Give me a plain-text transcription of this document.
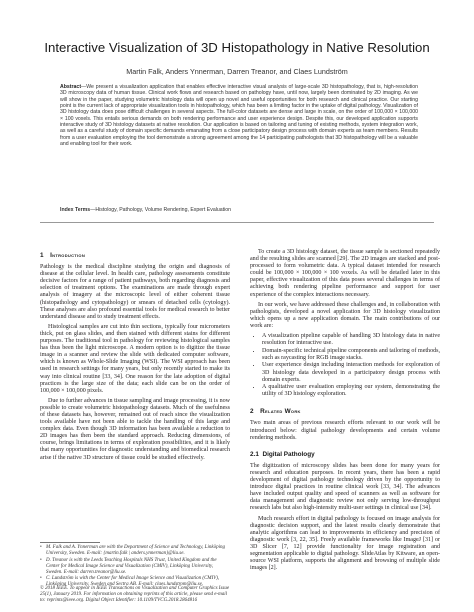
Interactive Visualization of 3D Histopathology in Native Resolution
Martin Falk, Anders Ynnerman, Darren Treanor, and Claes Lundström
Abstract—We present a visualization application that enables effective interactive visual analysis of large-scale 3D histopathology, that is, high-resolution 3D microscopy data of human tissue. Clinical work flows and research based on pathology have, until now, largely been dominated by 2D imaging. As we will show in the paper, studying volumetric histology data will open up novel and useful opportunities for both research and clinical practice. Our starting point is the current lack of appropriate visualization tools in histopathology, which has been a limiting factor in the uptake of digital pathology. Visualization of 3D histology data does pose difficult challenges in several aspects. The full-color datasets are dense and large in scale, on the order of 100,000 × 100,000 × 100 voxels. This entails serious demands on both rendering performance and user experience design. Despite this, our developed application supports interactive study of 3D histology datasets at native resolution. Our application is based on tailoring and tuning of existing methods, system integration work, as well as a careful study of domain specific demands emanating from a close participatory design process with domain experts as team members. Results from a user evaluation employing the tool demonstrate a strong agreement among the 14 participating pathologists that 3D histopathology will be a valuable and enabling tool for their work.
Index Terms—Histology, Pathology, Volume Rendering, Expert Evaluation
1 Introduction

Pathology is the medical discipline studying the origin and diagnosis of disease at the cellular level. In health care, pathology assessments constitute decisive factors for a range of patient pathways, both regarding diagnosis and selection of treatment options. The examinations are made through expert analysis of imagery at the microscopic level of either coherent tissue (histopathology and cytopathology) or smears of detached cells (cytology). These analyses are also profound essential tools for medical research to better understand disease and to study treatment effects.

Histological samples are cut into thin sections, typically four micrometers thick, put on glass slides, and then stained with different stains for different purposes. The traditional tool in pathology for reviewing histological samples has thus been the light microscope. A modern option is to digitize the tissue image in a scanner and review the slide with dedicated computer software, which is known as Whole-Slide Imaging (WSI). The WSI approach has been used in research settings for many years, but only recently started to make its way into clinical routine [33, 34]. One reason for the late adoption of digital practices is the large size of the data; each slide can be on the order of 100,000 × 100,000 pixels.

Due to further advances in tissue sampling and image processing, it is now possible to create volumetric histopathology datasets. Much of the usefulness of these datasets has, however, remained out of reach since the visualization tools available have not been able to tackle the handling of this large and complex data. Even though 3D information has been available a reduction to 2D images has then been the standard approach. Reducing dimensions, of course, brings limitations in terms of exploration possibilities, and it is likely that many opportunities for diagnostic understanding and biomedical research arise if the native 3D structure of tissue could be studied effectively.

• M. Falk and A. Ynnerman are with the Department of Science and Technology, Linköping University, Sweden. E-mail: {martin.falk | anders.ynnerman}@liu.se.
• D. Treanor is with the Leeds Teaching Hospitals NHS Trust, United Kingdom and the Center for Medical Image Science and Visualization (CMIV), Linköping University, Sweden. E-mail: darren.treanor@liu.se.
• C. Lundström is with the Center for Medical Image Science and Visualization (CMIV), Linköping University, Sweden and Sectra AB. E-mail: claes.lundstrom@liu.se.
© 2018 IEEE. To appear in IEEE Transactions on Visualization and Computer Graphics Issue 25(1), January 2019. For information on obtaining reprints of this article, please send e-mail to: reprints@ieee.org. Digital Object Identifier: 10.1109/TVCG.2018.2864816

To create a 3D histology dataset, the tissue sample is sectioned repeatedly and the resulting slides are scanned [29]. The 2D images are stacked and post-processed to form volumetric data. A typical dataset intended for research could be 100,000 × 100,000 × 100 voxels. As will be detailed later in this paper, effective visualization of this data poses several challenges in terms of achieving both rendering pipeline performance and support for user experience of the complex interactions necessary.

In our work, we have addressed these challenges and, in collaboration with pathologists, developed a novel application for 3D histology visualization which opens up a new application domain. The main contributions of our work are:

• A visualization pipeline capable of handling 3D histology data in native resolution for interactive use.
• Domain-specific technical pipeline components and tailoring of methods, such as raycasting for RGB image stacks.
• User experience design including interaction methods for exploration of 3D histology data developed in a participatory design process with domain experts.
• A qualitative user evaluation employing our system, demonstrating the utility of 3D histology exploration.
2 Related Work

Two main areas of previous research efforts relevant to our work will be introduced below: digital pathology developments and certain volume rendering methods.

2.1 Digital Pathology

The digitization of microscopy slides has been done for many years for research and education purposes. In recent years, there has been a rapid development of digital pathology technology driven by the opportunity to introduce digital practices in routine clinical work [33, 34]. The advances have included output quality and speed of scanners as well as software for data management and diagnostic review not only serving low-throughput research labs but also high-intensity multi-user settings in clinical use [34].

Much research effort in digital pathology is focused on image analysis for diagnostic decision support, and the latest results clearly demonstrate that analytic algorithms can lead to improvements in efficiency and precision of diagnostic work [3, 22, 35]. Freely available frameworks like ImageJ [31] or 3D Slicer [7, 12] provide functionality for image registration and segmentation applicable to digital pathology. SlideAtlas by Kitware, an open-source WSI platform, supports the alignment and browsing of multiple slide images [2].
